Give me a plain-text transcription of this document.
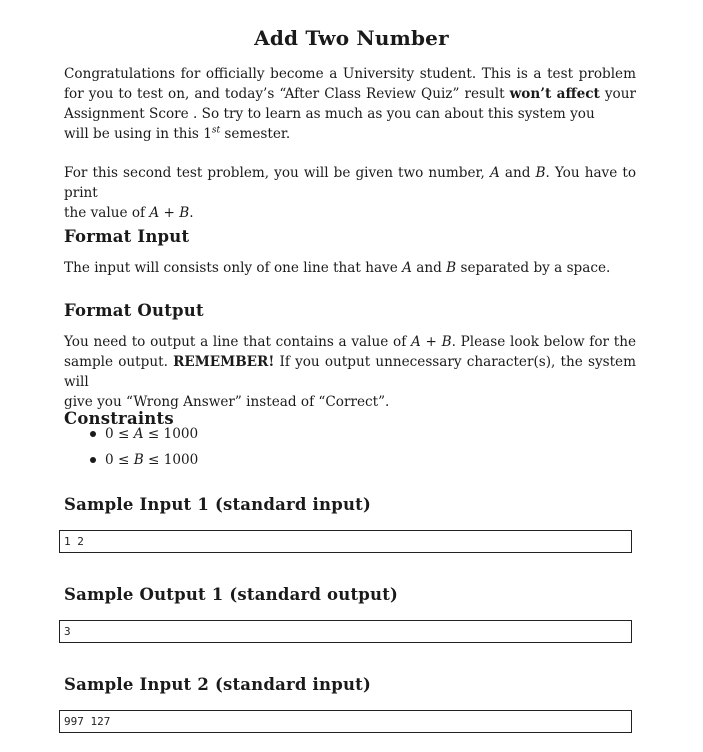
Add Two Number
Congratulations for officially become a University student. This is a test problem
for you to test on, and today’s “After Class Review Quiz” result won’t affect your
Assignment Score . So try to learn as much as you can about this system you
will be using in this 1st semester.
For this second test problem, you will be given two number, A and B. You have to print
the value of A + B.
Format Input
The input will consists only of one line that have A and B separated by a space.
Format Output
You need to output a line that contains a value of A + B. Please look below for the
sample output. REMEMBER! If you output unnecessary character(s), the system will
give you “Wrong Answer” instead of “Correct”.
Constraints
0 ≤ A ≤ 1000
0 ≤ B ≤ 1000
Sample Input 1 (standard input)
1 2
Sample Output 1 (standard output)
3
Sample Input 2 (standard input)
997 127
